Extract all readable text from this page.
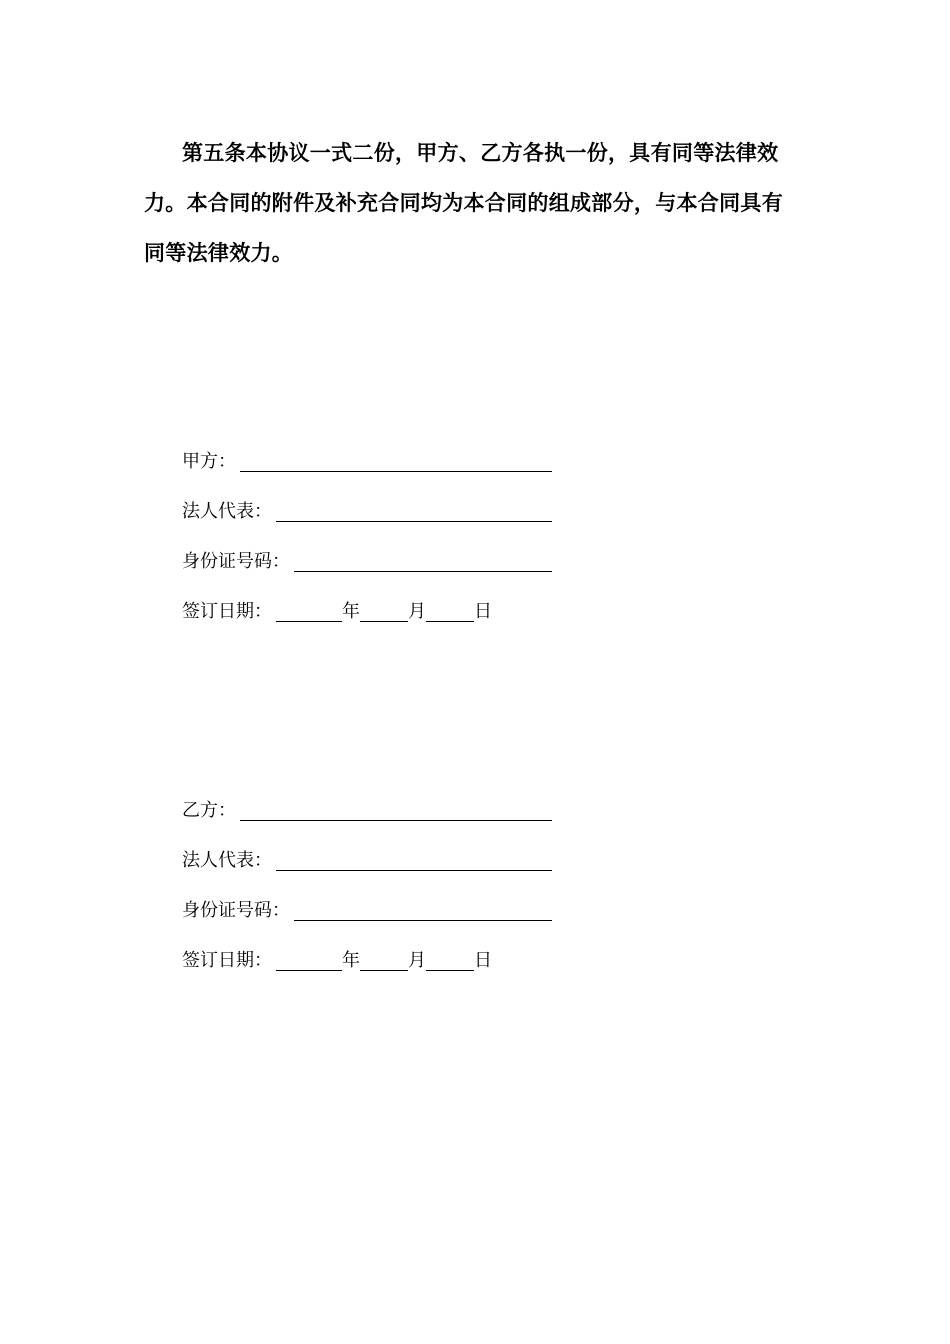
第五条本协议一式二份，甲方、乙方各执一份，具有同等法律效力。本合同的附件及补充合同均为本合同的组成部分，与本合同具有同等法律效力。

甲方：
法人代表：
身份证号码：
签订日期：	年	月	日
乙方：
法人代表：
身份证号码：
签订日期：	年	月	日
